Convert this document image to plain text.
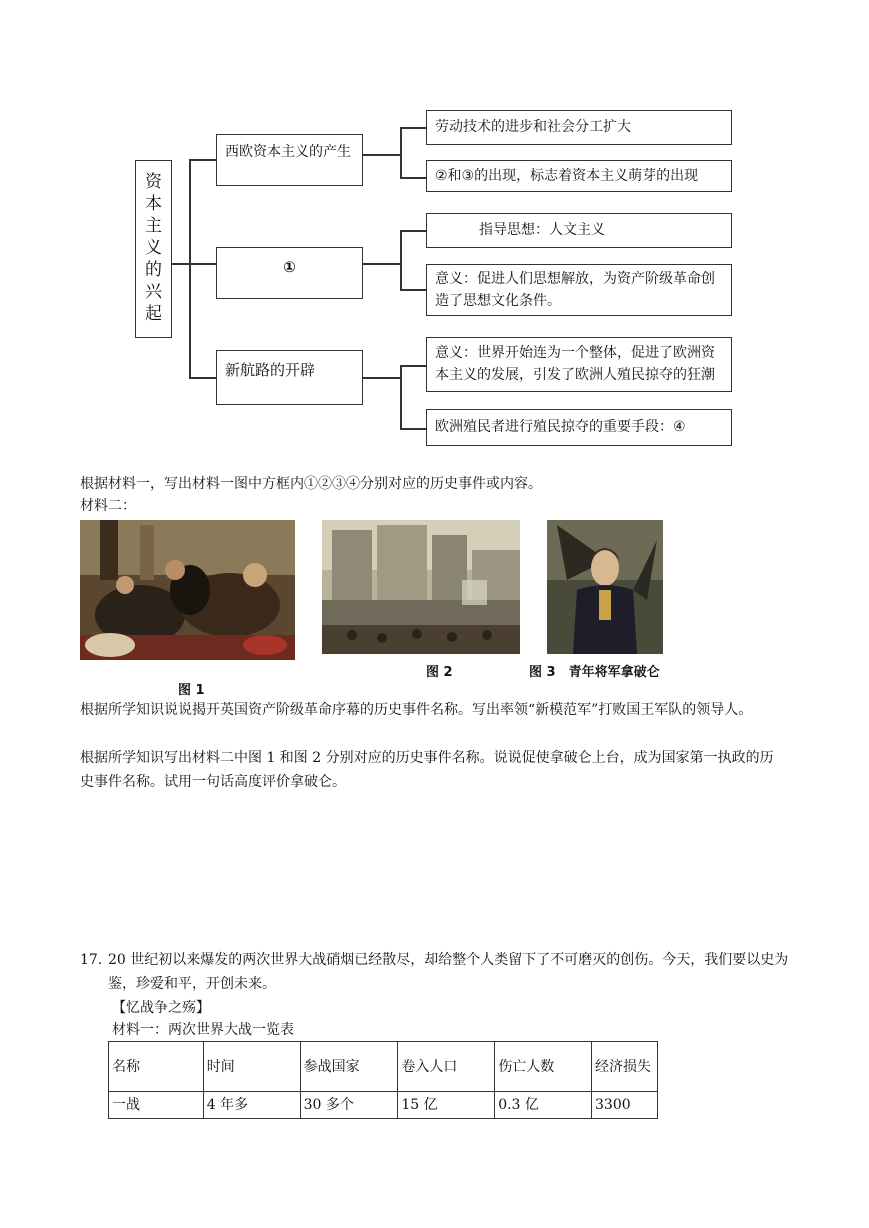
资本主义的兴起
西欧资本主义的产生
劳动技术的进步和社会分工扩大
②和③的出现，标志着资本主义萌芽的出现
①
指导思想：人文主义
意义：促进人们思想解放，为资产阶级革命创造了思想文化条件。
新航路的开辟
意义：世界开始连为一个整体，促进了欧洲资本主义的发展，引发了欧洲人殖民掠夺的狂潮
欧洲殖民者进行殖民掠夺的重要手段：④
根据材料一，写出材料一图中方框内①②③④分别对应的历史事件或内容。
材料二：
图 1
图 2	图 3　青年将军拿破仑
根据所学知识说说揭开英国资产阶级革命序幕的历史事件名称。写出率领“新模范军”打败国王军队的领导人。
根据所学知识写出材料二中图 1 和图 2 分别对应的历史事件名称。说说促使拿破仑上台，成为国家第一执政的历史事件名称。试用一句话高度评价拿破仑。
17. 20 世纪初以来爆发的两次世界大战硝烟已经散尽，却给整个人类留下了不可磨灭的创伤。今天，我们要以史为鉴，珍爱和平，开创未来。
【忆战争之殇】
材料一：两次世界大战一览表
名称	时间	参战国家	卷入人口	伤亡人数	经济损失
一战	4 年多	30 多个	15 亿	0.3 亿	3300
